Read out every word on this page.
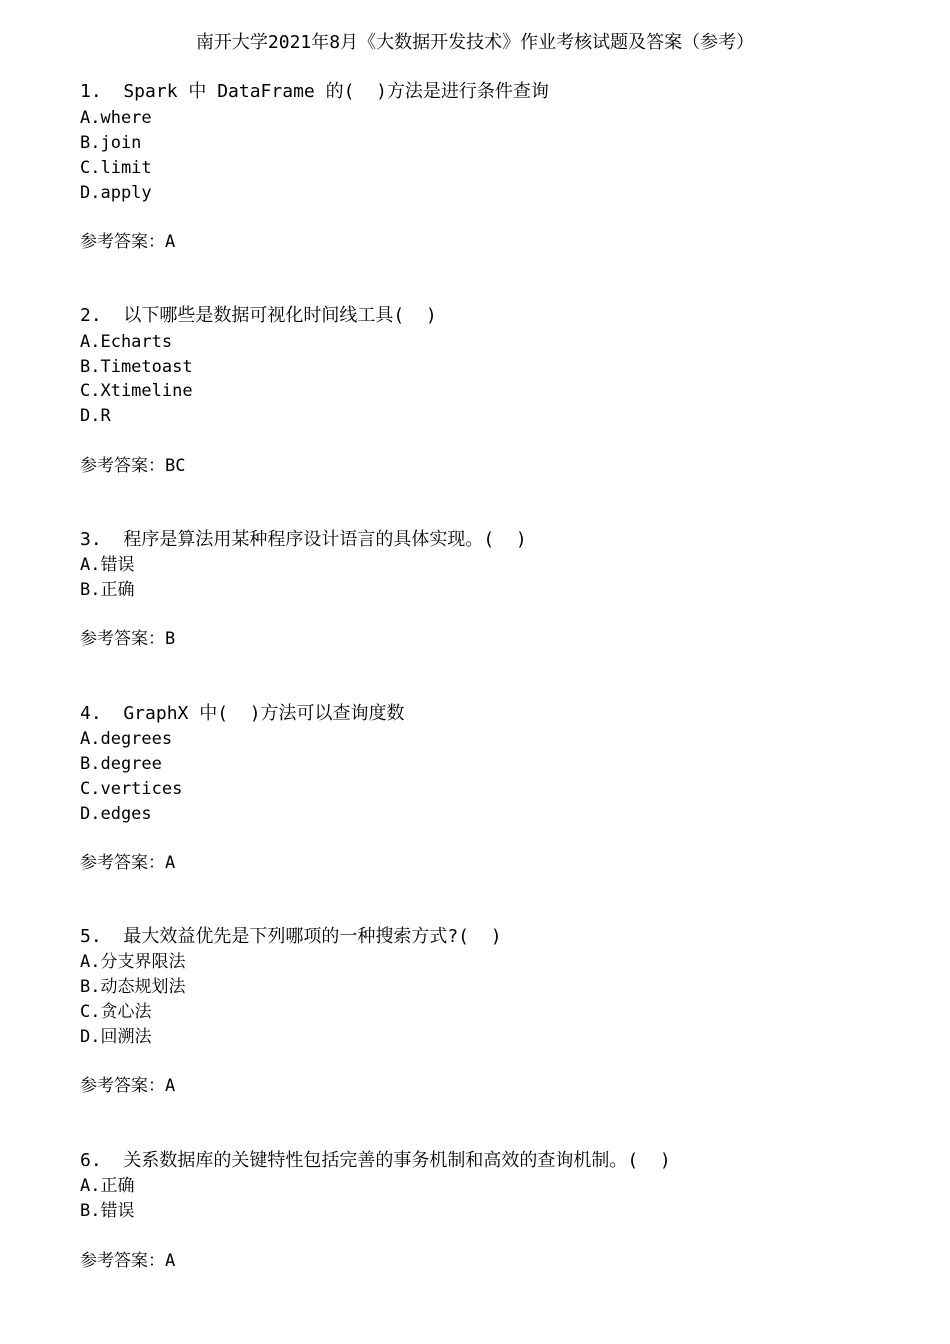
南开大学2021年8月《大数据开发技术》作业考核试题及答案（参考）
1.  Spark 中 DataFrame 的(  )方法是进行条件查询
A.where
B.join
C.limit
D.apply
参考答案：A
2.  以下哪些是数据可视化时间线工具(  )
A.Echarts
B.Timetoast
C.Xtimeline
D.R
参考答案：BC
3.  程序是算法用某种程序设计语言的具体实现。(  )
A.错误
B.正确
参考答案：B
4.  GraphX 中(  )方法可以查询度数
A.degrees
B.degree
C.vertices
D.edges
参考答案：A
5.  最大效益优先是下列哪项的一种搜索方式?(  )
A.分支界限法
B.动态规划法
C.贪心法
D.回溯法
参考答案：A
6.  关系数据库的关键特性包括完善的事务机制和高效的查询机制。(  )
A.正确
B.错误
参考答案：A
